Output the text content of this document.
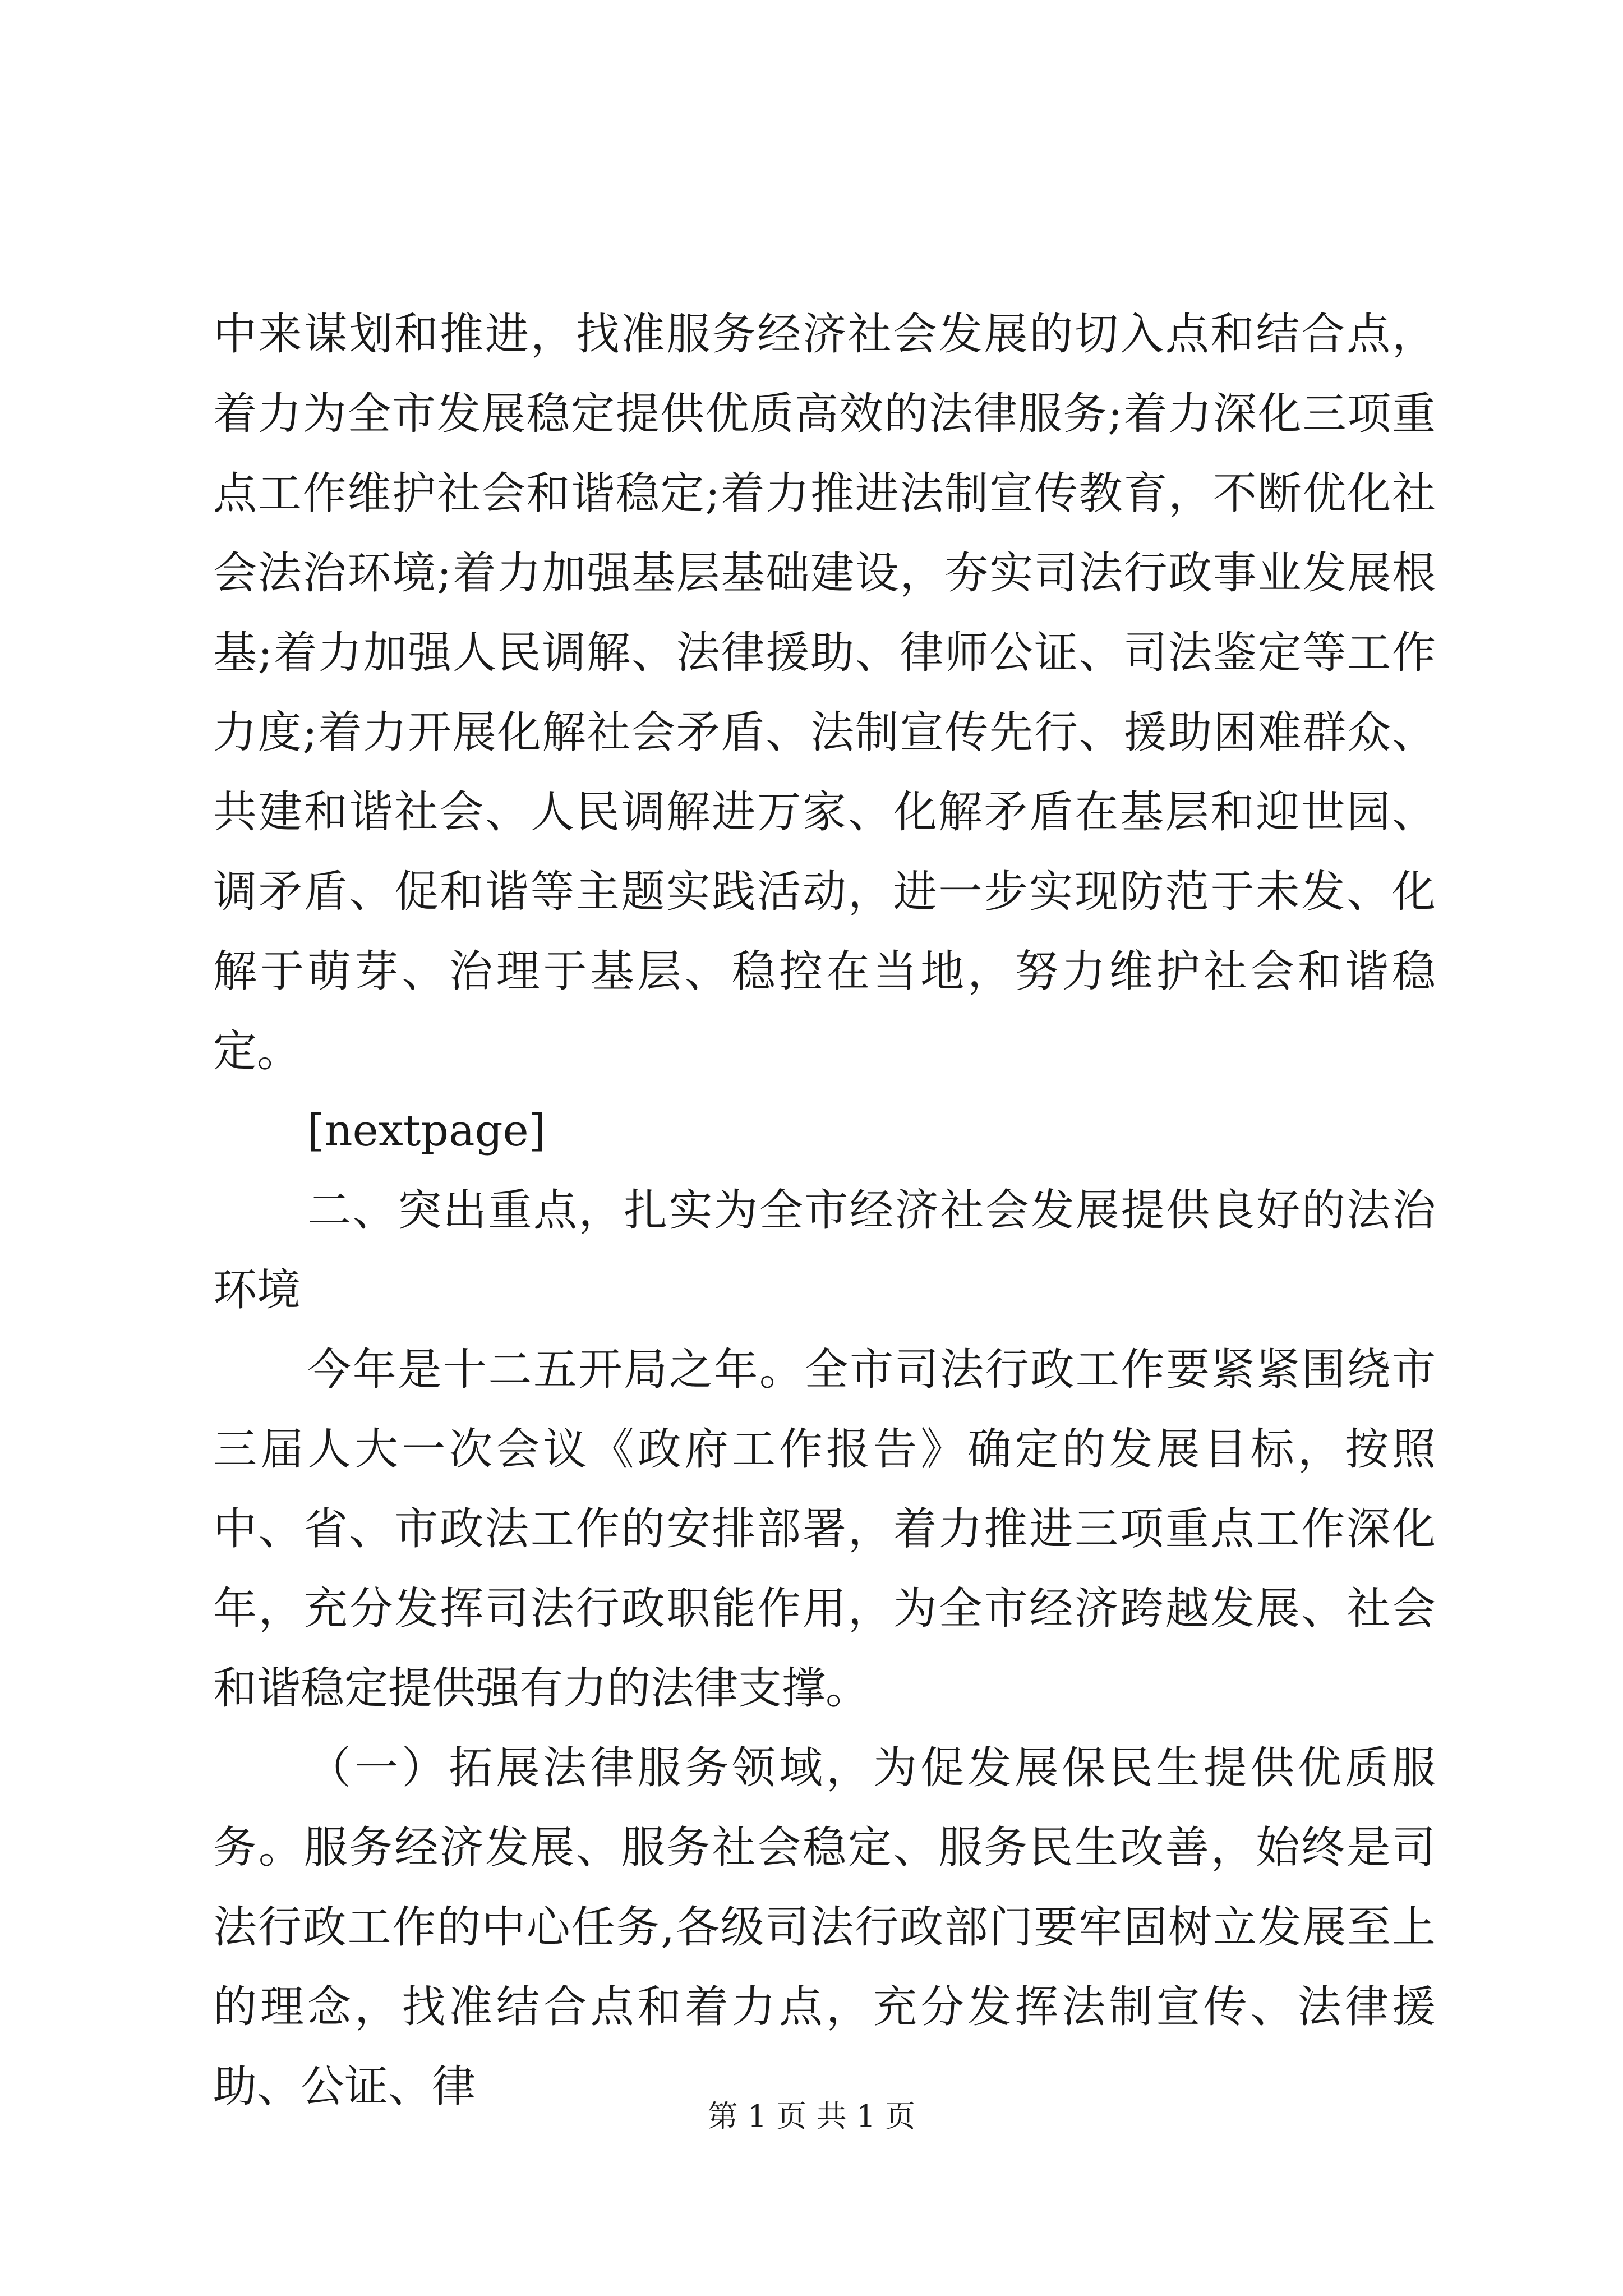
中来谋划和推进，找准服务经济社会发展的切入点和结合点，着力为全市发展稳定提供优质高效的法律服务;着力深化三项重点工作维护社会和谐稳定;着力推进法制宣传教育，不断优化社会法治环境;着力加强基层基础建设，夯实司法行政事业发展根基;着力加强人民调解、法律援助、律师公证、司法鉴定等工作力度;着力开展化解社会矛盾、法制宣传先行、援助困难群众、共建和谐社会、人民调解进万家、化解矛盾在基层和迎世园、调矛盾、促和谐等主题实践活动，进一步实现防范于未发、化解于萌芽、治理于基层、稳控在当地，努力维护社会和谐稳定。

[nextpage]

二、突出重点，扎实为全市经济社会发展提供良好的法治环境

今年是十二五开局之年。全市司法行政工作要紧紧围绕市三届人大一次会议《政府工作报告》确定的发展目标，按照中、省、市政法工作的安排部署，着力推进三项重点工作深化年，充分发挥司法行政职能作用，为全市经济跨越发展、社会和谐稳定提供强有力的法律支撑。

（一）拓展法律服务领域，为促发展保民生提供优质服务。服务经济发展、服务社会稳定、服务民生改善，始终是司法行政工作的中心任务,各级司法行政部门要牢固树立发展至上的理念，找准结合点和着力点，充分发挥法制宣传、法律援助、公证、律

第 1 页 共 1 页
